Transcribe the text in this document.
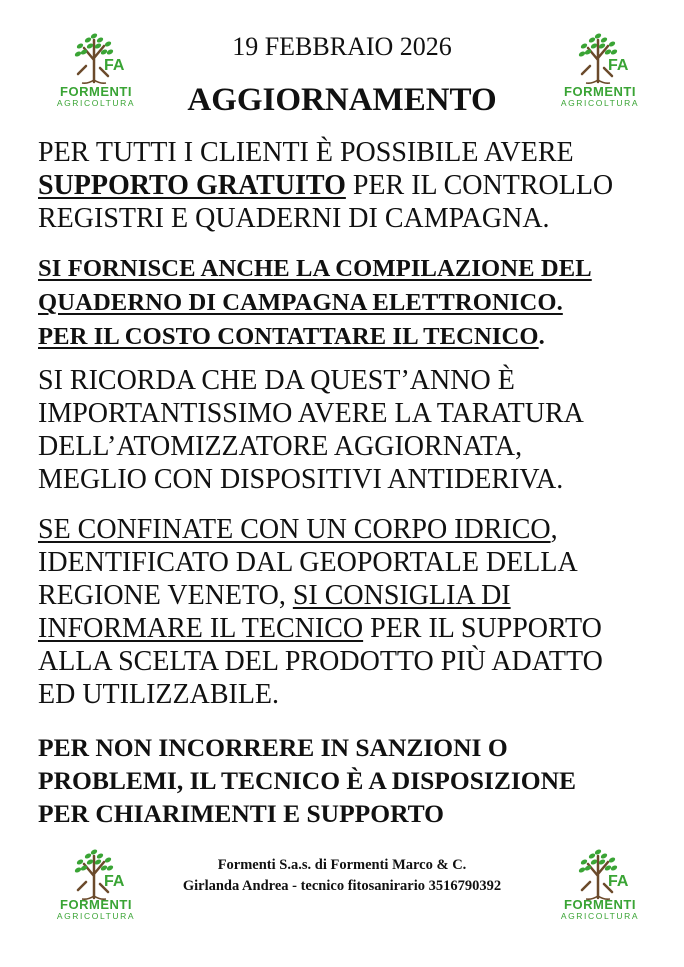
FA
FORMENTI
AGRICOLTURA
FA
FORMENTI
AGRICOLTURA
19 FEBBRAIO 2026
AGGIORNAMENTO
PER TUTTI I CLIENTI È POSSIBILE AVERE
SUPPORTO GRATUITO PER IL CONTROLLO
REGISTRI E QUADERNI DI CAMPAGNA.
SI FORNISCE ANCHE LA COMPILAZIONE DEL
QUADERNO DI CAMPAGNA ELETTRONICO.
PER IL COSTO CONTATTARE IL TECNICO.
SI RICORDA CHE DA QUEST’ANNO È
IMPORTANTISSIMO AVERE LA TARATURA
DELL’ATOMIZZATORE AGGIORNATA,
MEGLIO CON DISPOSITIVI ANTIDERIVA.
SE CONFINATE CON UN CORPO IDRICO,
IDENTIFICATO DAL GEOPORTALE DELLA
REGIONE VENETO, SI CONSIGLIA DI
INFORMARE IL TECNICO PER IL SUPPORTO
ALLA SCELTA DEL PRODOTTO PIÙ ADATTO
ED UTILIZZABILE.
PER NON INCORRERE IN SANZIONI O
PROBLEMI, IL TECNICO È A DISPOSIZIONE
PER CHIARIMENTI E SUPPORTO
FA
FORMENTI
AGRICOLTURA
Formenti S.a.s. di Formenti Marco & C.
Girlanda Andrea - tecnico fitosanirario 3516790392	FA
FORMENTI
AGRICOLTURA
